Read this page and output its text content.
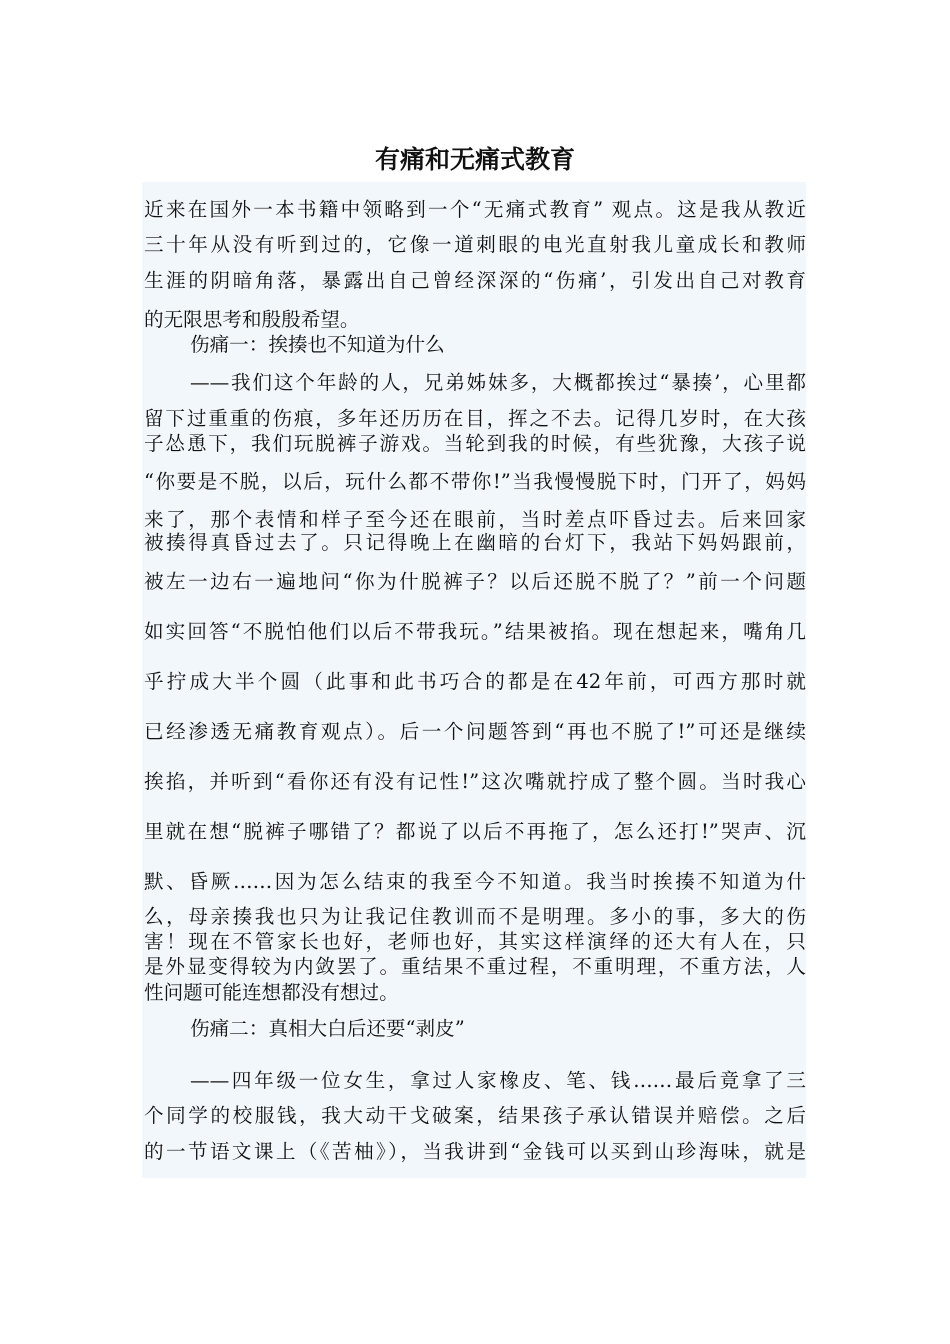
有痛和无痛式教育
近来在国外一本书籍中领略到一个“无痛式教育” 观点。这是我从教近
三十年从没有听到过的，它像一道刺眼的电光直射我儿童成长和教师
生涯的阴暗角落，暴露出自己曾经深深的“伤痛’，引发出自己对教育
的无限思考和殷殷希望。
伤痛一：挨揍也不知道为什么
——我们这个年龄的人，兄弟姊妹多，大概都挨过“暴揍’，心里都
留下过重重的伤痕，多年还历历在目，挥之不去。记得几岁时，在大孩
子怂恿下，我们玩脱裤子游戏。当轮到我的时候，有些犹豫，大孩子说
“你要是不脱，以后，玩什么都不带你!”当我慢慢脱下时，门开了，妈妈
来了，那个表情和样子至今还在眼前，当时差点吓昏过去。后来回家
被揍得真昏过去了。只记得晚上在幽暗的台灯下，我站下妈妈跟前，
被左一边右一遍地问“你为什脱裤子？以后还脱不脱了？”前一个问题
如实回答“不脱怕他们以后不带我玩。”结果被掐。现在想起来，嘴角几
乎拧成大半个圆（此事和此书巧合的都是在42年前，可西方那时就
已经渗透无痛教育观点）。后一个问题答到“再也不脱了!”可还是继续
挨掐，并听到“看你还有没有记性!”这次嘴就拧成了整个圆。当时我心
里就在想“脱裤子哪错了？都说了以后不再拖了，怎么还打!”哭声、沉
默、昏厥……因为怎么结束的我至今不知道。我当时挨揍不知道为什
么，母亲揍我也只为让我记住教训而不是明理。多小的事，多大的伤
害！现在不管家长也好，老师也好，其实这样演绎的还大有人在，只
是外显变得较为内敛罢了。重结果不重过程，不重明理，不重方法，人
性问题可能连想都没有想过。
伤痛二：真相大白后还要“剥皮”
——四年级一位女生，拿过人家橡皮、笔、钱……最后竟拿了三
个同学的校服钱，我大动干戈破案，结果孩子承认错误并赔偿。之后
的一节语文课上（《苦柚》），当我讲到“金钱可以买到山珍海味，就是
